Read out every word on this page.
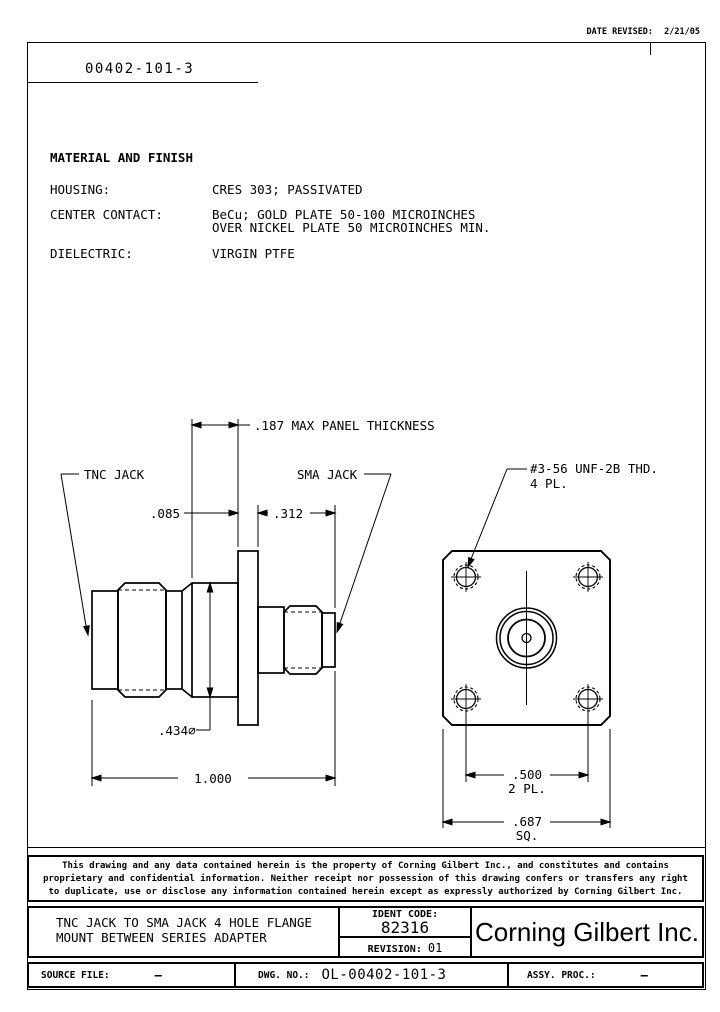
DATE REVISED: 2/21/05
00402-101-3
MATERIAL AND FINISH
HOUSING:	CRES 303; PASSIVATED
CENTER CONTACT:	BeCu; GOLD PLATE 50-100 MICROINCHES
OVER NICKEL PLATE 50 MICROINCHES MIN.
DIELECTRIC:	VIRGIN PTFE
.187 MAX PANEL THICKNESS
.085	.312
.434∅
1.000	.500
2 PL.
.687
SQ.
TNC JACK	SMA JACK	#3-56 UNF-2B THD.
4 PL.
This drawing and any data contained herein is the property of Corning Gilbert Inc., and constitutes and contains
proprietary and confidential information. Neither receipt nor possession of this drawing confers or transfers any right
to duplicate, use or disclose any information contained herein except as expressly authorized by Corning Gilbert Inc.
TNC JACK TO SMA JACK 4 HOLE FLANGE
MOUNT BETWEEN SERIES ADAPTER
IDENT CODE:
82316
REVISION: 01
Corning Gilbert Inc.
SOURCE FILE:	–	DWG. NO.: OL-00402-101-3	ASSY. PROC.:	–
